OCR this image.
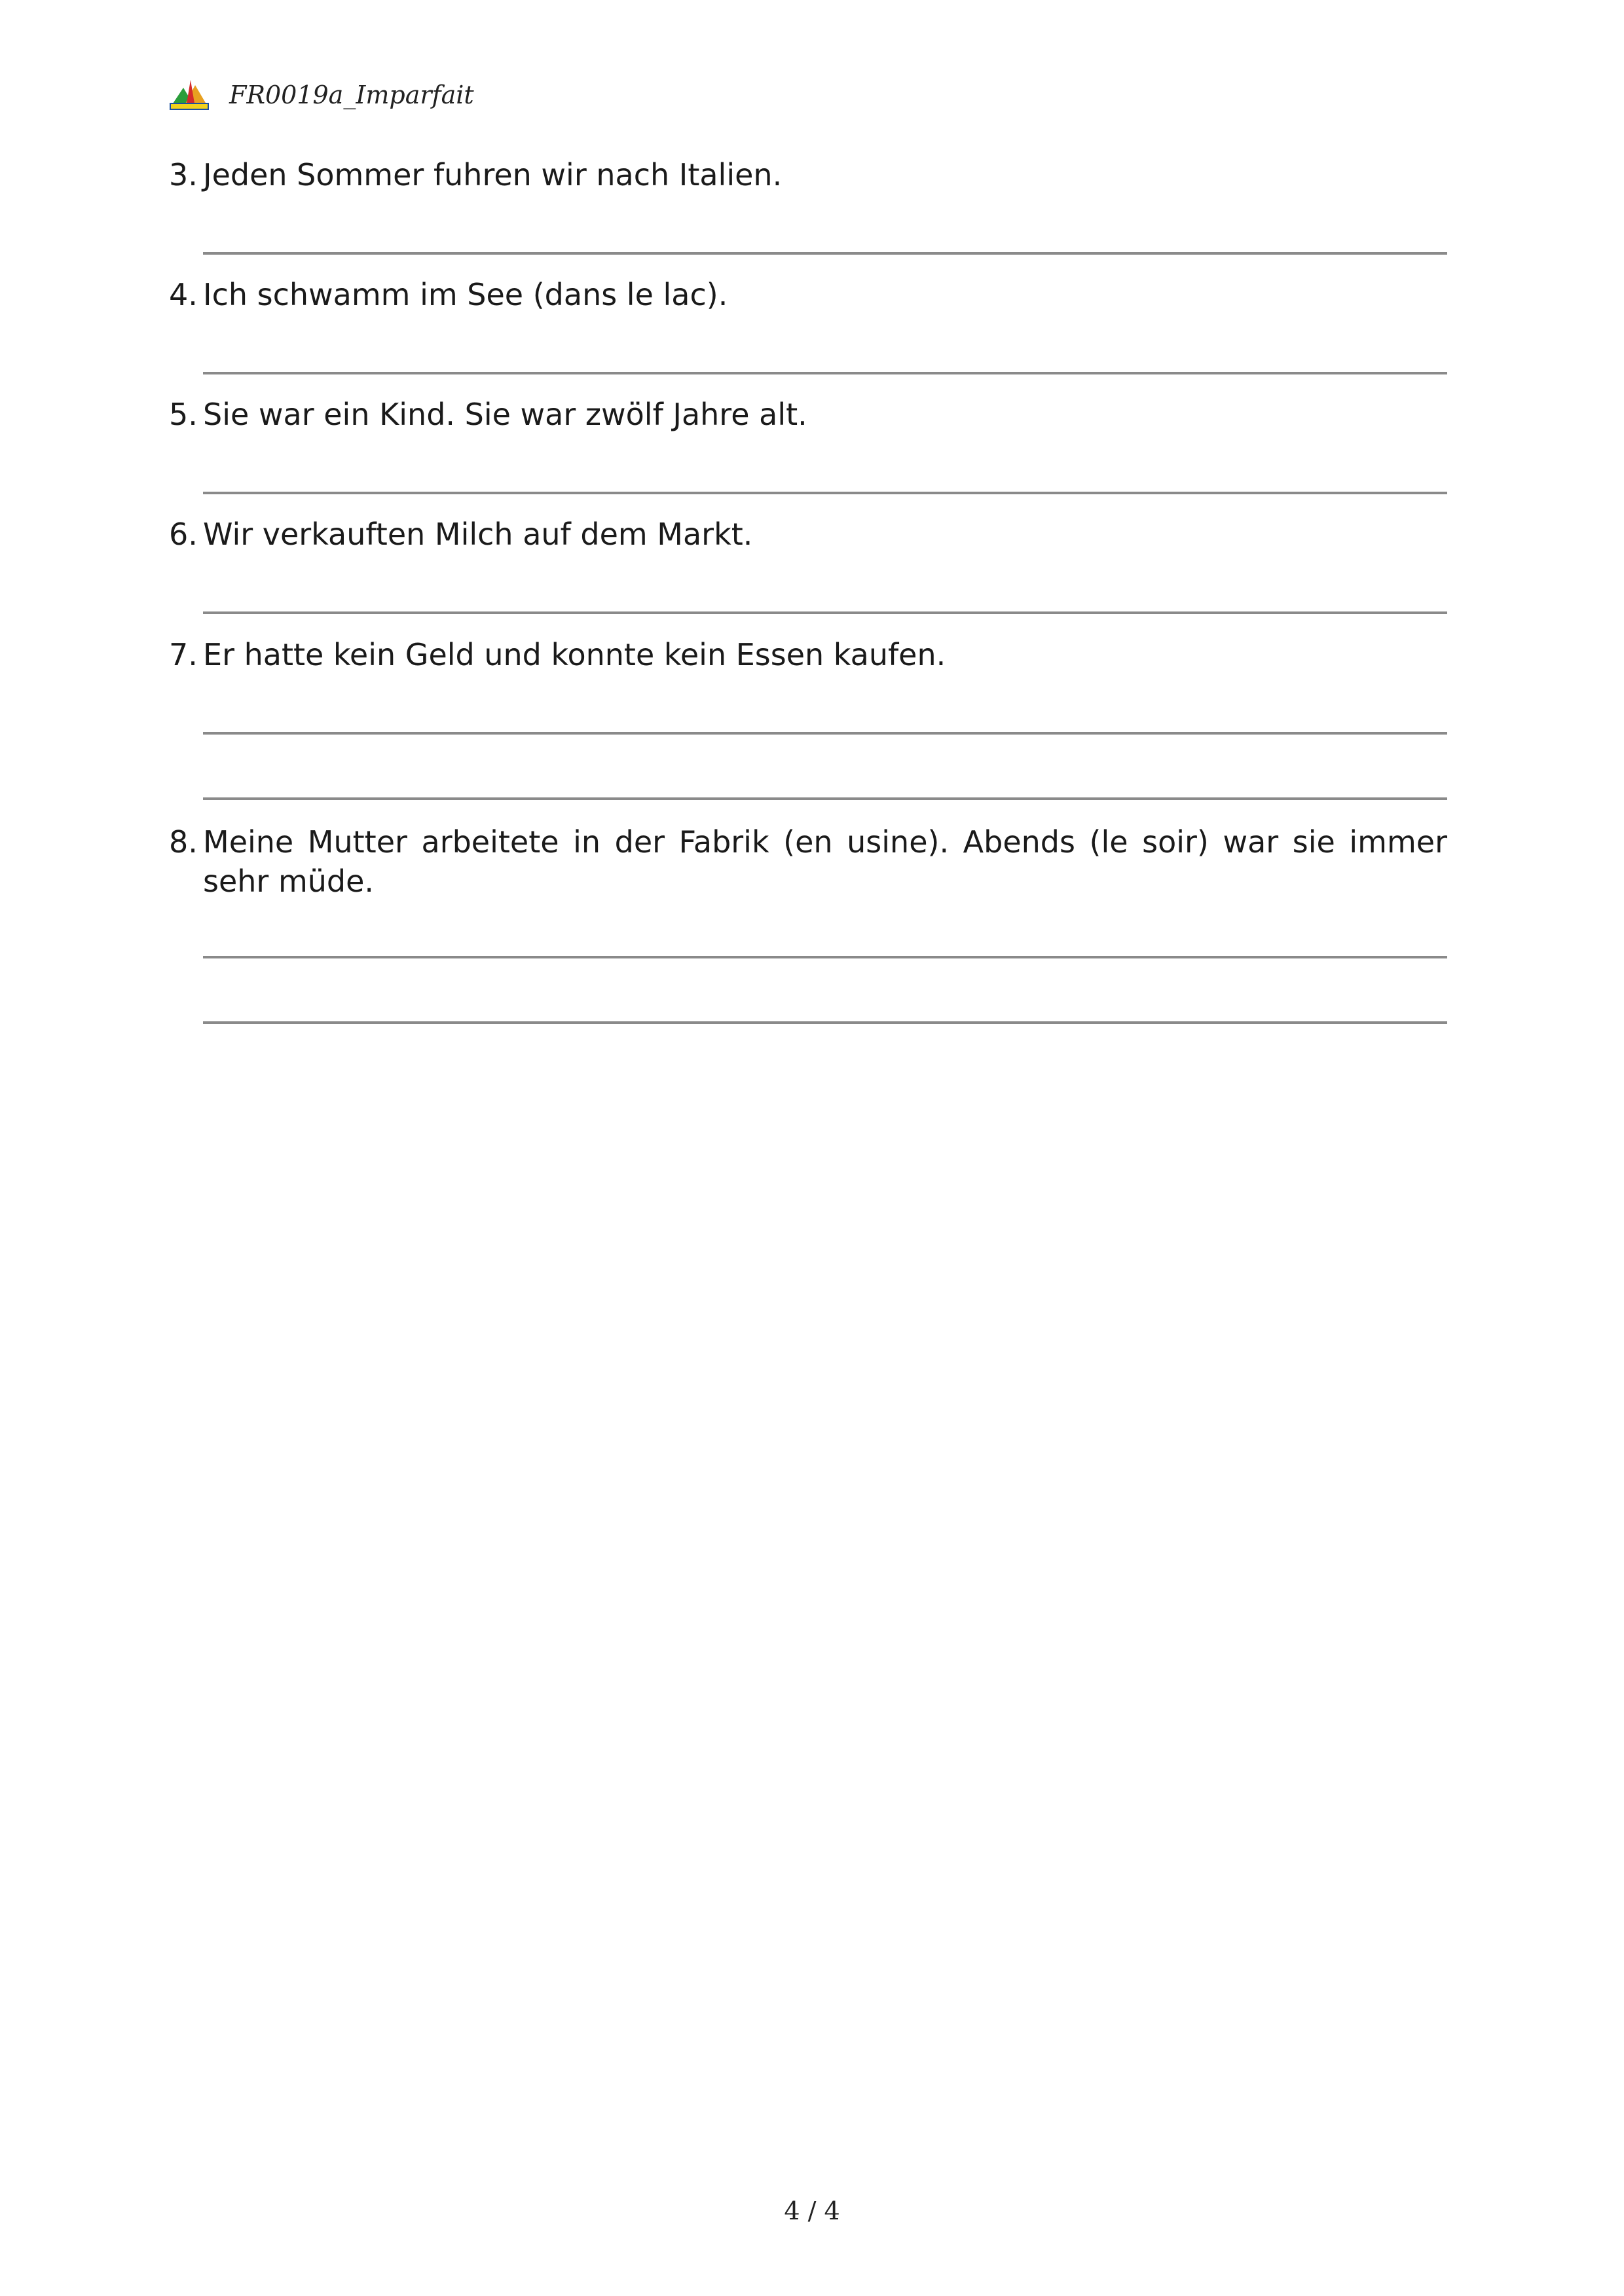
FR0019a_Imparfait
3. Jeden Sommer fuhren wir nach Italien.
4. Ich schwamm im See (dans le lac).
5. Sie war ein Kind. Sie war zwölf Jahre alt.
6. Wir verkauften Milch auf dem Markt.
7. Er hatte kein Geld und konnte kein Essen kaufen.
8. Meine Mutter arbeitete in der Fabrik (en usine). Abends (le soir) war sie immer sehr müde.
4 / 4
